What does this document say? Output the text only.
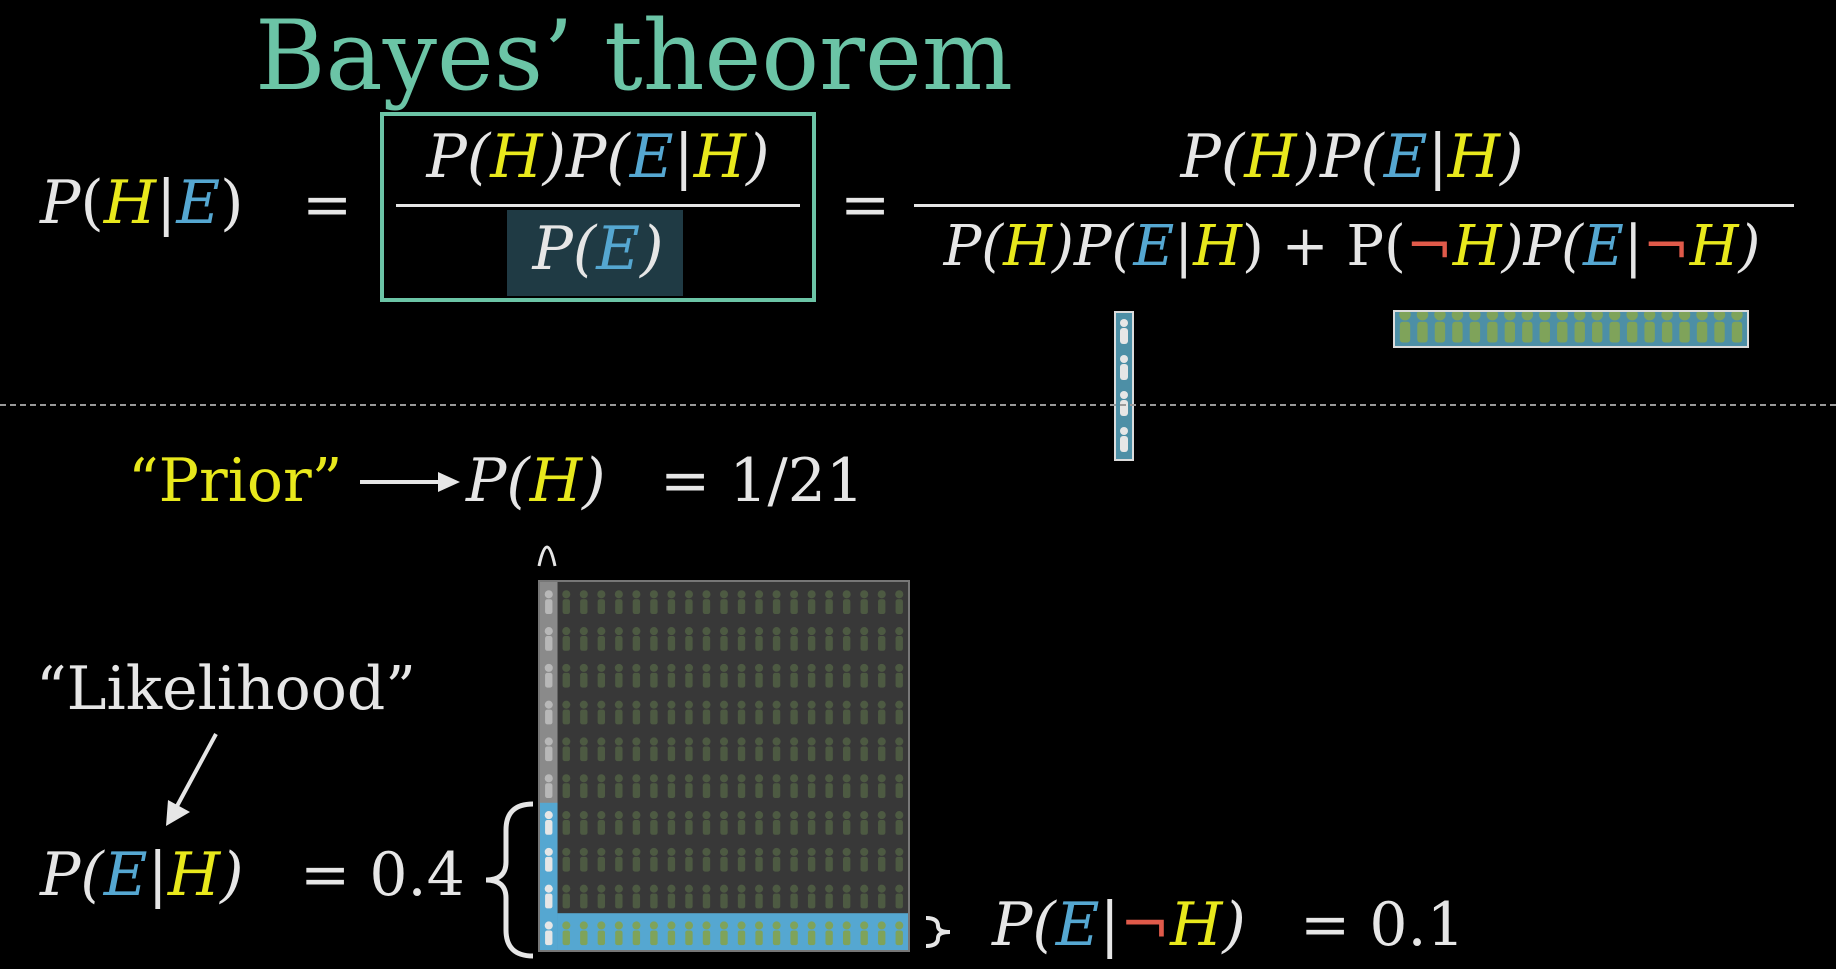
Bayes’ theorem
P(H|E) =
P(H)P(E|H)
P(E)
=
P(H)P(E|H)
P(H)P(E|H) + P(¬H)P(E|¬H)
“Prior” P(H) = 1/21
“Likelihood”
P(E|H) = 0.4
P(E|¬H) = 0.1
